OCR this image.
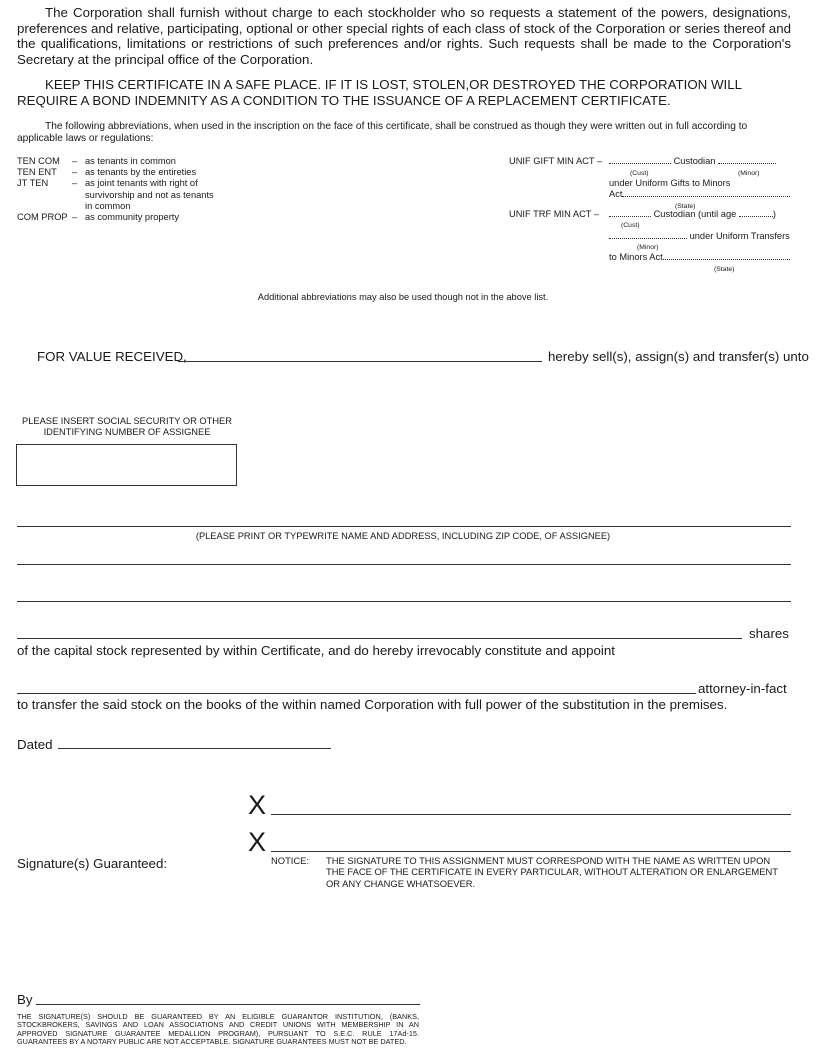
The Corporation shall furnish without charge to each stockholder who so requests a statement of the powers, designations, preferences and relative, participating, optional or other special rights of each class of stock of the Corporation or series thereof and the qualifications, limitations or restrictions of such preferences and/or rights. Such requests shall be made to the Corporation's Secretary at the principal office of the Corporation.

KEEP THIS CERTIFICATE IN A SAFE PLACE. IF IT IS LOST, STOLEN,OR DESTROYED THE CORPORATION WILL REQUIRE A BOND INDEMNITY AS A CONDITION TO THE ISSUANCE OF A REPLACEMENT CERTIFICATE.

The following abbreviations, when used in the inscription on the face of this certificate, shall be construed as though they were written out in full according to applicable laws or regulations:

TEN COM – as tenants in common
TEN ENT – as tenants by the entireties
JT TEN	– as joint tenants with right of
survivorship and not as tenants
in common
COM PROP – as community property
UNIF GIFT MIN ACT –	Custodian
(Cust)	(Minor)
under Uniform Gifts to Minors
Act
(State)
UNIF TRF MIN ACT –	Custodian (until age	)
(Cust)
under Uniform Transfers
(Minor)
to Minors Act
(State)
Additional abbreviations may also be used though not in the above list.
FOR VALUE RECEIVED,	hereby sell(s), assign(s) and transfer(s) unto
PLEASE INSERT SOCIAL SECURITY OR OTHER
IDENTIFYING NUMBER OF ASSIGNEE
(PLEASE PRINT OR TYPEWRITE NAME AND ADDRESS, INCLUDING ZIP CODE, OF ASSIGNEE)
shares
of the capital stock represented by within Certificate, and do hereby irrevocably constitute and appoint
attorney-in-fact
to transfer the said stock on the books of the within named Corporation with full power of the substitution in the premises.
Dated
X
X
Signature(s) Guaranteed:	NOTICE: THE SIGNATURE TO THIS ASSIGNMENT MUST CORRESPOND WITH THE NAME AS WRITTEN UPON THE FACE OF THE CERTIFICATE IN EVERY PARTICULAR, WITHOUT ALTERATION OR ENLARGEMENT OR ANY CHANGE WHATSOEVER.
By
THE SIGNATURE(S) SHOULD BE GUARANTEED BY AN ELIGIBLE GUARANTOR INSTITUTION, (BANKS, STOCKBROKERS, SAVINGS AND LOAN ASSOCIATIONS AND CREDIT UNIONS WITH MEMBERSHIP IN AN APPROVED SIGNATURE GUARANTEE MEDALLION PROGRAM), PURSUANT TO S.E.C. RULE 17Ad-15. GUARANTEES BY A NOTARY PUBLIC ARE NOT ACCEPTABLE. SIGNATURE GUARANTEES MUST NOT BE DATED.
